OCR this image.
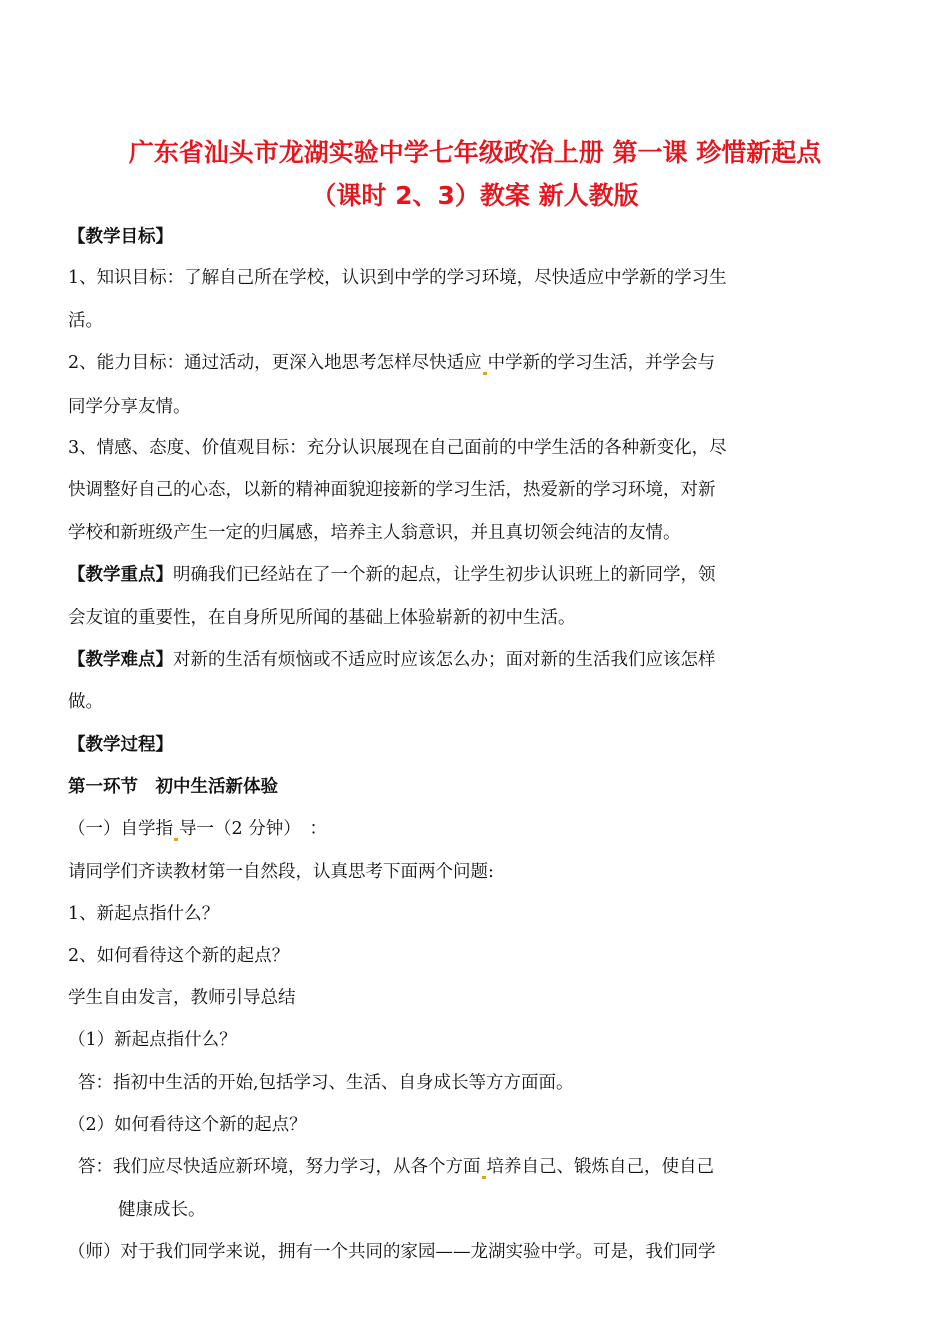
广东省汕头市龙湖实验中学七年级政治上册 第一课 珍惜新起点
（课时 2、3）教案 新人教版
【教学目标】
1、知识目标：了解自己所在学校，认识到中学的学习环境，尽快适应中学新的学习生
活。
2、能力目标：通过活动，更深入地思考怎样尽快适应 中学新的学习生活，并学会与
同学分享友情。
3、情感、态度、价值观目标：充分认识展现在自己面前的中学生活的各种新变化，尽
快调整好自己的心态，以新的精神面貌迎接新的学习生活，热爱新的学习环境，对新
学校和新班级产生一定的归属感，培养主人翁意识，并且真切领会纯洁的友情。
【教学重点】明确我们已经站在了一个新的起点，让学生初步认识班上的新同学，领
会友谊的重要性，在自身所见所闻的基础上体验崭新的初中生活。
【教学难点】对新的生活有烦恼或不适应时应该怎么办；面对新的生活我们应该怎样
做。
【教学过程】
第一环节　初中生活新体验
（一）自学指 导一（2 分钟）　：
请同学们齐读教材第一自然段，认真思考下面两个问题:
1、新起点指什么？
2、如何看待这个新的起点？
学生自由发言，教师引导总结
（1）新起点指什么？
答：指初中生活的开始,包括学习、生活、自身成长等方方面面。
（2）如何看待这个新的起点？
答：我们应尽快适应新环境，努力学习，从各个方面 培养自己、锻炼自己，使自己
健康成长。
（师）对于我们同学来说，拥有一个共同的家园——龙湖实验中学。可是，我们同学
